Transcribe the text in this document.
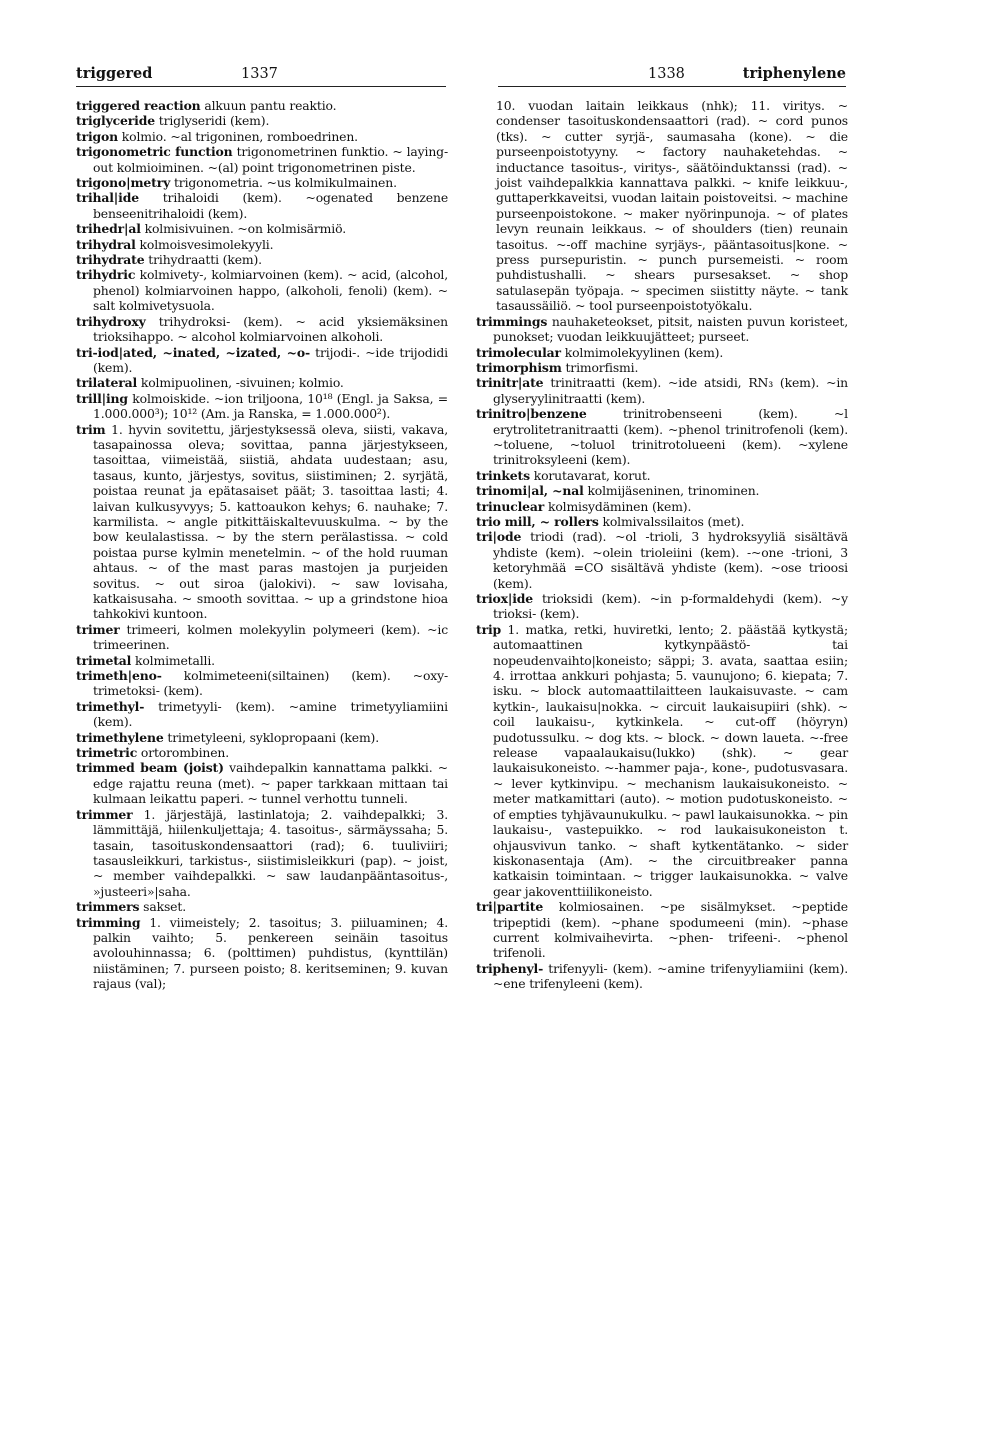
triggered	1337	1338	triphenylene

triggered reaction alkuun pantu reaktio.

triglyceride triglyseridi (kem).

trigon kolmio. ~al trigoninen, romboedrinen.

trigonometric function trigonometrinen funktio. ~ laying-out kolmioiminen. ~(al) point trigonometrinen piste.

trigono|metry trigonometria. ~us kolmikulmainen.

trihal|ide trihaloidi (kem). ~ogenated benzene benseenitrihaloidi (kem).

trihedr|al kolmisivuinen. ~on kolmisärmiö.

trihydral kolmoisvesimolekyyli.

trihydrate trihydraatti (kem).

trihydric kolmivety-, kolmiarvoinen (kem). ~ acid, (alcohol, phenol) kolmiarvoinen happo, (alkoholi, fenoli) (kem). ~ salt kolmivetysuola.

trihydroxy trihydroksi- (kem). ~ acid yksiemäksinen trioksihappo. ~ alcohol kolmiarvoinen alkoholi.

tri-iod|ated, ~inated, ~izated, ~o- trijodi-. ~ide trijodidi (kem).

trilateral kolmipuolinen, -sivuinen; kolmio.

trill|ing kolmoiskide. ~ion triljoona, 10¹⁸ (Engl. ja Saksa, = 1.000.000³); 10¹² (Am. ja Ranska, = 1.000.000²).

trim 1. hyvin sovitettu, järjestyksessä oleva, siisti, vakava, tasapainossa oleva; sovittaa, panna järjestykseen, tasoittaa, viimeistää, siistiä, ahdata uudestaan; asu, tasaus, kunto, järjestys, sovitus, siistiminen; 2. syrjätä, poistaa reunat ja epätasaiset päät; 3. tasoittaa lasti; 4. laivan kulkusyvyys; 5. kattoaukon kehys; 6. nauhake; 7. karmilista. ~ angle pitkittäiskaltevuuskulma. ~ by the bow keulalastissa. ~ by the stern perälastissa. ~ cold poistaa purse kylmin menetelmin. ~ of the hold ruuman ahtaus. ~ of the mast paras mastojen ja purjeiden sovitus. ~ out siroa (jalokivi). ~ saw lovisaha, katkaisusaha. ~ smooth sovittaa. ~ up a grindstone hioa tahkokivi kuntoon.

trimer trimeeri, kolmen molekyylin polymeeri (kem). ~ic trimeerinen.

trimetal kolmimetalli.

trimeth|eno- kolmimeteeni(siltainen) (kem). ~oxy- trimetoksi- (kem).

trimethyl- trimetyyli- (kem). ~amine trimetyyliamiini (kem).

trimethylene trimetyleeni, syklopropaani (kem).

trimetric ortorombinen.

trimmed beam (joist) vaihdepalkin kannattama palkki. ~ edge rajattu reuna (met). ~ paper tarkkaan mittaan tai kulmaan leikattu paperi. ~ tunnel verhottu tunneli.

trimmer 1. järjestäjä, lastinlatoja; 2. vaihdepalkki; 3. lämmittäjä, hiilenkuljettaja; 4. tasoitus-, särmäyssaha; 5. tasain, tasoituskondensaattori (rad); 6. tuuliviiri; tasausleikkuri, tarkistus-, siistimisleikkuri (pap). ~ joist, ~ member vaihdepalkki. ~ saw laudanpääntasoitus-, »justeeri»|saha.

trimmers sakset.

trimming 1. viimeistely; 2. tasoitus; 3. piiluaminen; 4. palkin vaihto; 5. penkereen seinäin tasoitus avolouhinnassa; 6. (polttimen) puhdistus, (kynttilän) niistäminen; 7. purseen poisto; 8. keritseminen; 9. kuvan rajaus (val);

10. vuodan laitain leikkaus (nhk); 11. viritys. ~ condenser tasoituskondensaattori (rad). ~ cord punos (tks). ~ cutter syrjä-, saumasaha (kone). ~ die purseenpoistotyyny. ~ factory nauhaketehdas. ~ inductance tasoitus-, viritys-, säätöinduktanssi (rad). ~ joist vaihdepalkkia kannattava palkki. ~ knife leikkuu-, guttaperkkaveitsi, vuodan laitain poistoveitsi. ~ machine purseenpoistokone. ~ maker nyörinpunoja. ~ of plates levyn reunain leikkaus. ~ of shoulders (tien) reunain tasoitus. ~-off machine syrjäys-, pääntasoitus|kone. ~ press pursepuristin. ~ punch pursemeisti. ~ room puhdistushalli. ~ shears pursesakset. ~ shop satulasepän työpaja. ~ specimen siistitty näyte. ~ tank tasaussäiliö. ~ tool purseenpoistotyökalu.

trimmings nauhaketeokset, pitsit, naisten puvun koristeet, punokset; vuodan leikkuujätteet; purseet.

trimolecular kolmimolekyylinen (kem).

trimorphism trimorfismi.

trinitr|ate trinitraatti (kem). ~ide atsidi, RN₃ (kem). ~in glyseryylinitraatti (kem).

trinitro|benzene trinitrobenseeni (kem). ~l erytrolitetranitraatti (kem). ~phenol trinitrofenoli (kem). ~toluene, ~toluol trinitrotolueeni (kem). ~xylene trinitroksyleeni (kem).

trinkets korutavarat, korut.

trinomi|al, ~nal kolmijäseninen, trinominen.

trinuclear kolmisydäminen (kem).

trio mill, ~ rollers kolmivalssilaitos (met).

tri|ode triodi (rad). ~ol -trioli, 3 hydroksyyliä sisältävä yhdiste (kem). ~olein trioleiini (kem). -~one -trioni, 3 ketoryhmää =CO sisältävä yhdiste (kem). ~ose trioosi (kem).

triox|ide trioksidi (kem). ~in p-formaldehydi (kem). ~y trioksi- (kem).

trip 1. matka, retki, huviretki, lento; 2. päästää kytkystä; automaattinen kytkynpäästö- tai nopeudenvaihto|koneisto; säppi; 3. avata, saattaa esiin; 4. irrottaa ankkuri pohjasta; 5. vaunujono; 6. kiepata; 7. isku. ~ block automaattilaitteen laukaisuvaste. ~ cam kytkin-, laukaisu|nokka. ~ circuit laukaisupiiri (shk). ~ coil laukaisu-, kytkinkela. ~ cut-off (höyryn) pudotussulku. ~ dog kts. ~ block. ~ down laueta. ~-free release vapaalaukaisu(lukko) (shk). ~ gear laukaisukoneisto. ~-hammer paja-, kone-, pudotusvasara. ~ lever kytkinvipu. ~ mechanism laukaisukoneisto. ~ meter matkamittari (auto). ~ motion pudotuskoneisto. ~ of empties tyhjävaunukulku. ~ pawl laukaisunokka. ~ pin laukaisu-, vastepuikko. ~ rod laukaisukoneiston t. ohjausvivun tanko. ~ shaft kytkentätanko. ~ sider kiskonasentaja (Am). ~ the circuitbreaker panna katkaisin toimintaan. ~ trigger laukaisunokka. ~ valve gear jakoventtiilikoneisto.

tri|partite kolmiosainen. ~pe sisälmykset. ~peptide tripeptidi (kem). ~phane spodumeeni (min). ~phase current kolmivaihevirta. ~phen- trifeeni-. ~phenol trifenoli.

triphenyl- trifenyyli- (kem). ~amine trifenyyliamiini (kem). ~ene trifenyleeni (kem).
